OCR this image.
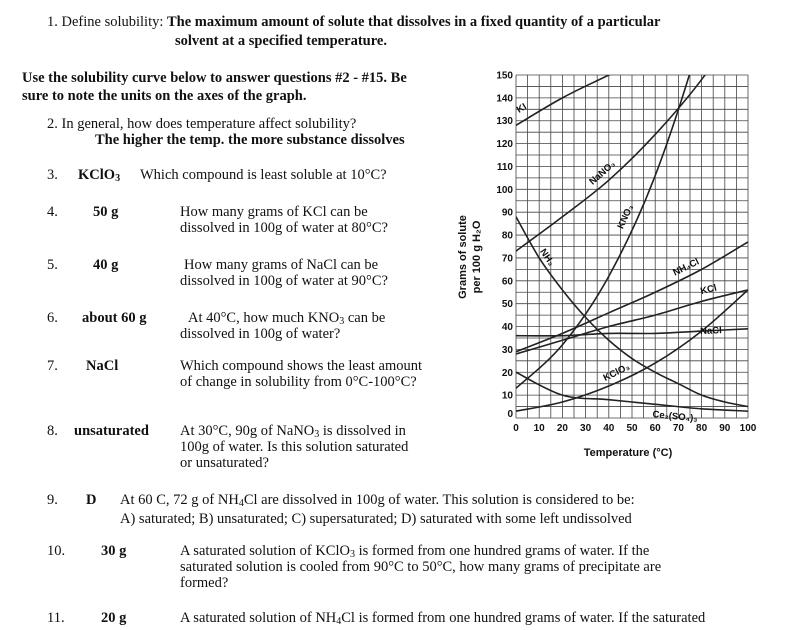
1. Define solubility: The maximum amount of solute that dissolves in a fixed quantity of a particular
solvent at a specified temperature.
Use the solubility curve below to answer questions #2 - #15. Be
sure to note the units on the axes of the graph.
2. In general, how does temperature affect solubility?
The higher the temp. the more substance dissolves
3. KClO$_3$ Which compound is least soluble at 10°C?
4. 50 g	How many grams of KCl can be
dissolved in 100g of water at 80°C?
5. 40 g	How many grams of NaCl can be
dissolved in 100g of water at 90°C?
6. about 60 g	At 40°C, how much $KNO_3$ can be
dissolved in 100g of water?
7. NaCl	Which compound shows the least amount
of change in solubility from 0°C-100°C?
8. unsaturated At 30°C, 90g of NaNO$_3$ is dissolved in
100g of water. Is this solution saturated
or unsaturated?
9. D At 60 C, 72 g of $NH_4Cl$ are dissolved in 100g of water. This solution is considered to be:
A) saturated; B) unsaturated; C) supersaturated; D) saturated with some left undissolved
10. 30 g	A saturated solution of KClO$_3$ is formed from one hundred grams of water. If the
saturated solution is cooled from 90°C to 50°C, how many grams of precipitate are
formed?
11.	20 g	A saturated solution of $NH_4Cl$ is formed from one hundred grams of water. If the saturated
KI
NaNO₃
KNO₃
NH₃	NH₄Cl
KCl
NaCl
KClO₃
Ce₂(SO₄)₃
0 10 20 30 40 50 60 70 80 90 100
10
20
30
40
50
60
70
80
90
100
110
120
130
140
150
0
Temperature (°C)
Grams of solute per 100 g H₂O
